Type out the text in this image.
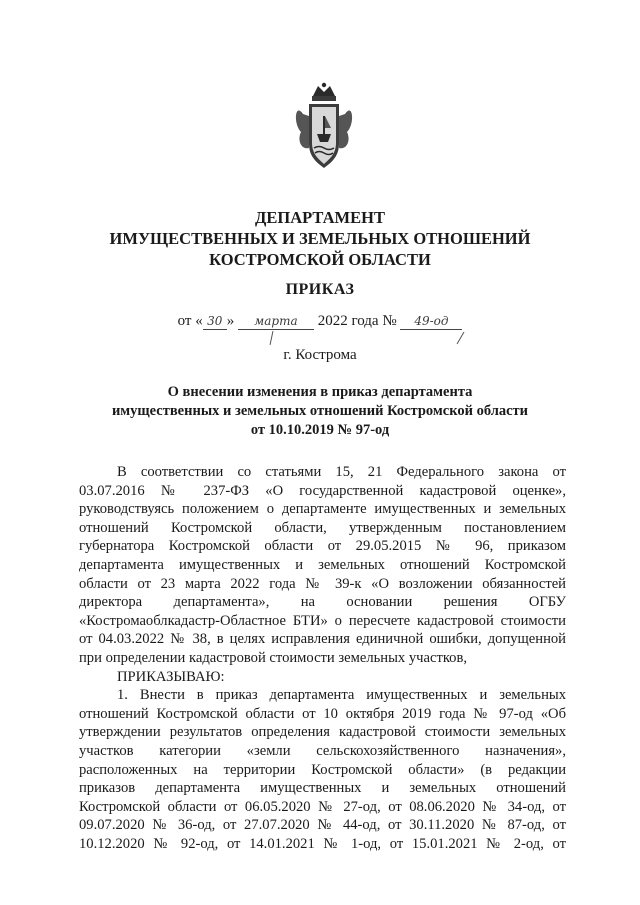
ДЕПАРТАМЕНТ
ИМУЩЕСТВЕННЫХ И ЗЕМЕЛЬНЫХ ОТНОШЕНИЙ
КОСТРОМСКОЙ ОБЛАСТИ
ПРИКАЗ
от « 30 » марта 2022 года № 49-од
г. Кострома
О внесении изменения в приказ департамента
имущественных и земельных отношений Костромской области
от 10.10.2019 № 97-од
В соответствии со статьями 15, 21 Федерального закона от
03.07.2016 № 237-ФЗ «О государственной кадастровой оценке»,
руководствуясь положением о департаменте имущественных и земельных
отношений Костромской области, утвержденным постановлением
губернатора Костромской области от 29.05.2015 № 96, приказом
департамента имущественных и земельных отношений Костромской
области от 23 марта 2022 года № 39-к «О возложении обязанностей
директора департамента», на основании решения ОГБУ
«Костромаоблкадастр-Областное БТИ» о пересчете кадастровой стоимости
от 04.03.2022 № 38, в целях исправления единичной ошибки, допущенной
при определении кадастровой стоимости земельных участков,
ПРИКАЗЫВАЮ:
1. Внести в приказ департамента имущественных и земельных
отношений Костромской области от 10 октября 2019 года № 97-од «Об
утверждении результатов определения кадастровой стоимости земельных
участков категории «земли сельскохозяйственного назначения»,
расположенных на территории Костромской области» (в редакции
приказов департамента имущественных и земельных отношений
Костромской области от 06.05.2020 № 27-од, от 08.06.2020 № 34-од, от
09.07.2020 № 36-од, от 27.07.2020 № 44-од, от 30.11.2020 № 87-од, от
10.12.2020 № 92-од, от 14.01.2021 № 1-од, от 15.01.2021 № 2-од, от
